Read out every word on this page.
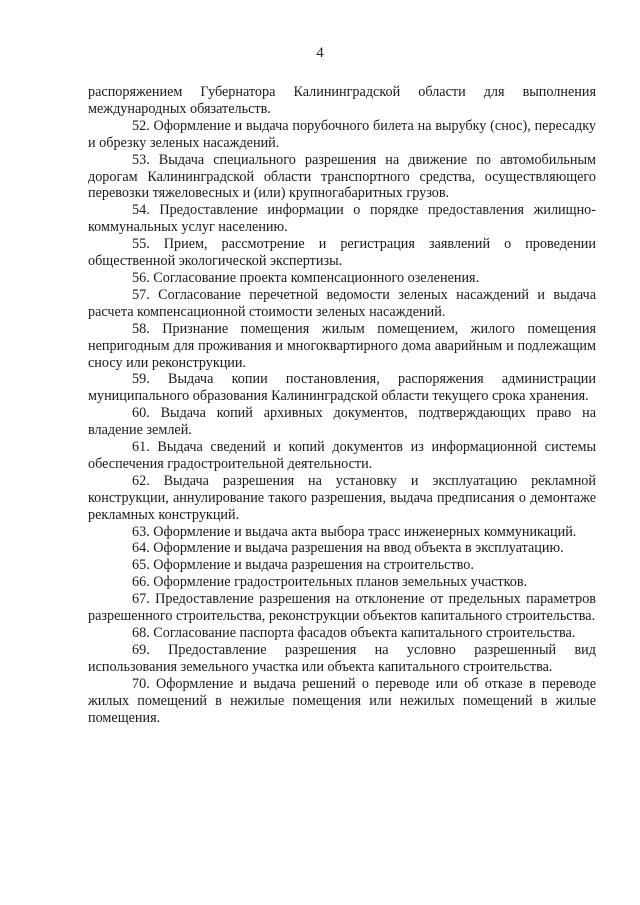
4

распоряжением Губернатора Калининградской области для выполнения международных обязательств.

52. Оформление и выдача порубочного билета на вырубку (снос), пересадку и обрезку зеленых насаждений.

53. Выдача специального разрешения на движение по автомобильным дорогам Калининградской области транспортного средства, осуществляющего перевозки тяжеловесных и (или) крупногабаритных грузов.

54. Предоставление информации о порядке предоставления жилищно-коммунальных услуг населению.

55. Прием, рассмотрение и регистрация заявлений о проведении общественной экологической экспертизы.

56. Согласование проекта компенсационного озеленения.

57. Согласование перечетной ведомости зеленых насаждений и выдача расчета компенсационной стоимости зеленых насаждений.

58. Признание помещения жилым помещением, жилого помещения непригодным для проживания и многоквартирного дома аварийным и подлежащим сносу или реконструкции.

59. Выдача копии постановления, распоряжения администрации муниципального образования Калининградской области текущего срока хранения.

60. Выдача копий архивных документов, подтверждающих право на владение землей.

61. Выдача сведений и копий документов из информационной системы обеспечения градостроительной деятельности.

62. Выдача разрешения на установку и эксплуатацию рекламной конструкции, аннулирование такого разрешения, выдача предписания о демонтаже рекламных конструкций.

63. Оформление и выдача акта выбора трасс инженерных коммуникаций.

64. Оформление и выдача разрешения на ввод объекта в эксплуатацию.

65. Оформление и выдача разрешения на строительство.

66. Оформление градостроительных планов земельных участков.

67. Предоставление разрешения на отклонение от предельных параметров разрешенного строительства, реконструкции объектов капитального строительства.

68. Согласование паспорта фасадов объекта капитального строительства.

69. Предоставление разрешения на условно разрешенный вид использования земельного участка или объекта капитального строительства.

70. Оформление и выдача решений о переводе или об отказе в переводе жилых помещений в нежилые помещения или нежилых помещений в жилые помещения.
